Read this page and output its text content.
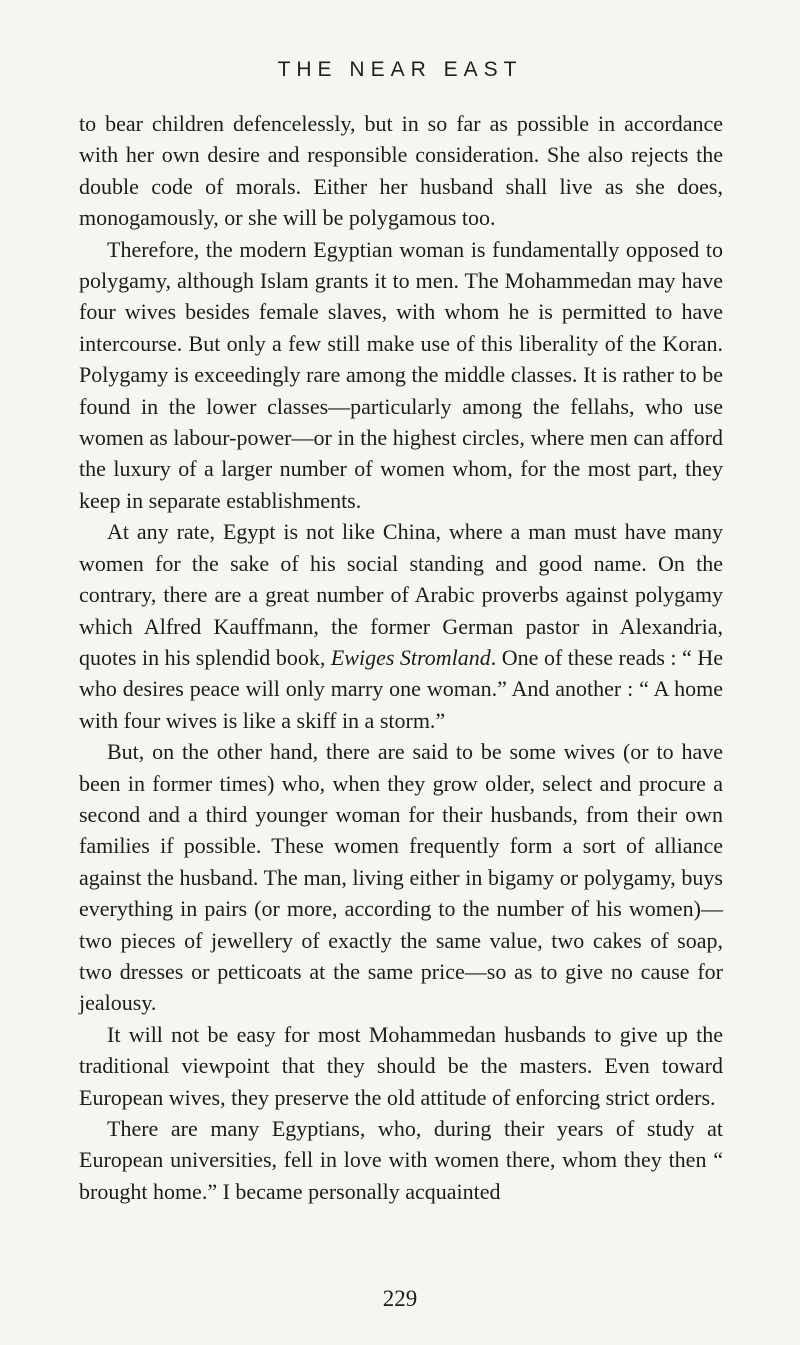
THE NEAR EAST

to bear children defencelessly, but in so far as possible in accordance with her own desire and responsible consideration. She also rejects the double code of morals. Either her husband shall live as she does, monogamously, or she will be polygamous too.

Therefore, the modern Egyptian woman is fundamentally opposed to polygamy, although Islam grants it to men. The Mohammedan may have four wives besides female slaves, with whom he is permitted to have intercourse. But only a few still make use of this liberality of the Koran. Polygamy is exceedingly rare among the middle classes. It is rather to be found in the lower classes—particularly among the fellahs, who use women as labour-power—or in the highest circles, where men can afford the luxury of a larger number of women whom, for the most part, they keep in separate establishments.

At any rate, Egypt is not like China, where a man must have many women for the sake of his social standing and good name. On the contrary, there are a great number of Arabic proverbs against polygamy which Alfred Kauffmann, the former German pastor in Alexandria, quotes in his splendid book, Ewiges Stromland. One of these reads : “ He who desires peace will only marry one woman.” And another : “ A home with four wives is like a skiff in a storm.”

But, on the other hand, there are said to be some wives (or to have been in former times) who, when they grow older, select and procure a second and a third younger woman for their husbands, from their own families if possible. These women frequently form a sort of alliance against the husband. The man, living either in bigamy or polygamy, buys everything in pairs (or more, according to the number of his women)—two pieces of jewellery of exactly the same value, two cakes of soap, two dresses or petticoats at the same price—so as to give no cause for jealousy.

It will not be easy for most Mohammedan husbands to give up the traditional viewpoint that they should be the masters. Even toward European wives, they preserve the old attitude of enforcing strict orders.

There are many Egyptians, who, during their years of study at European universities, fell in love with women there, whom they then “ brought home.” I became personally acquainted

229
